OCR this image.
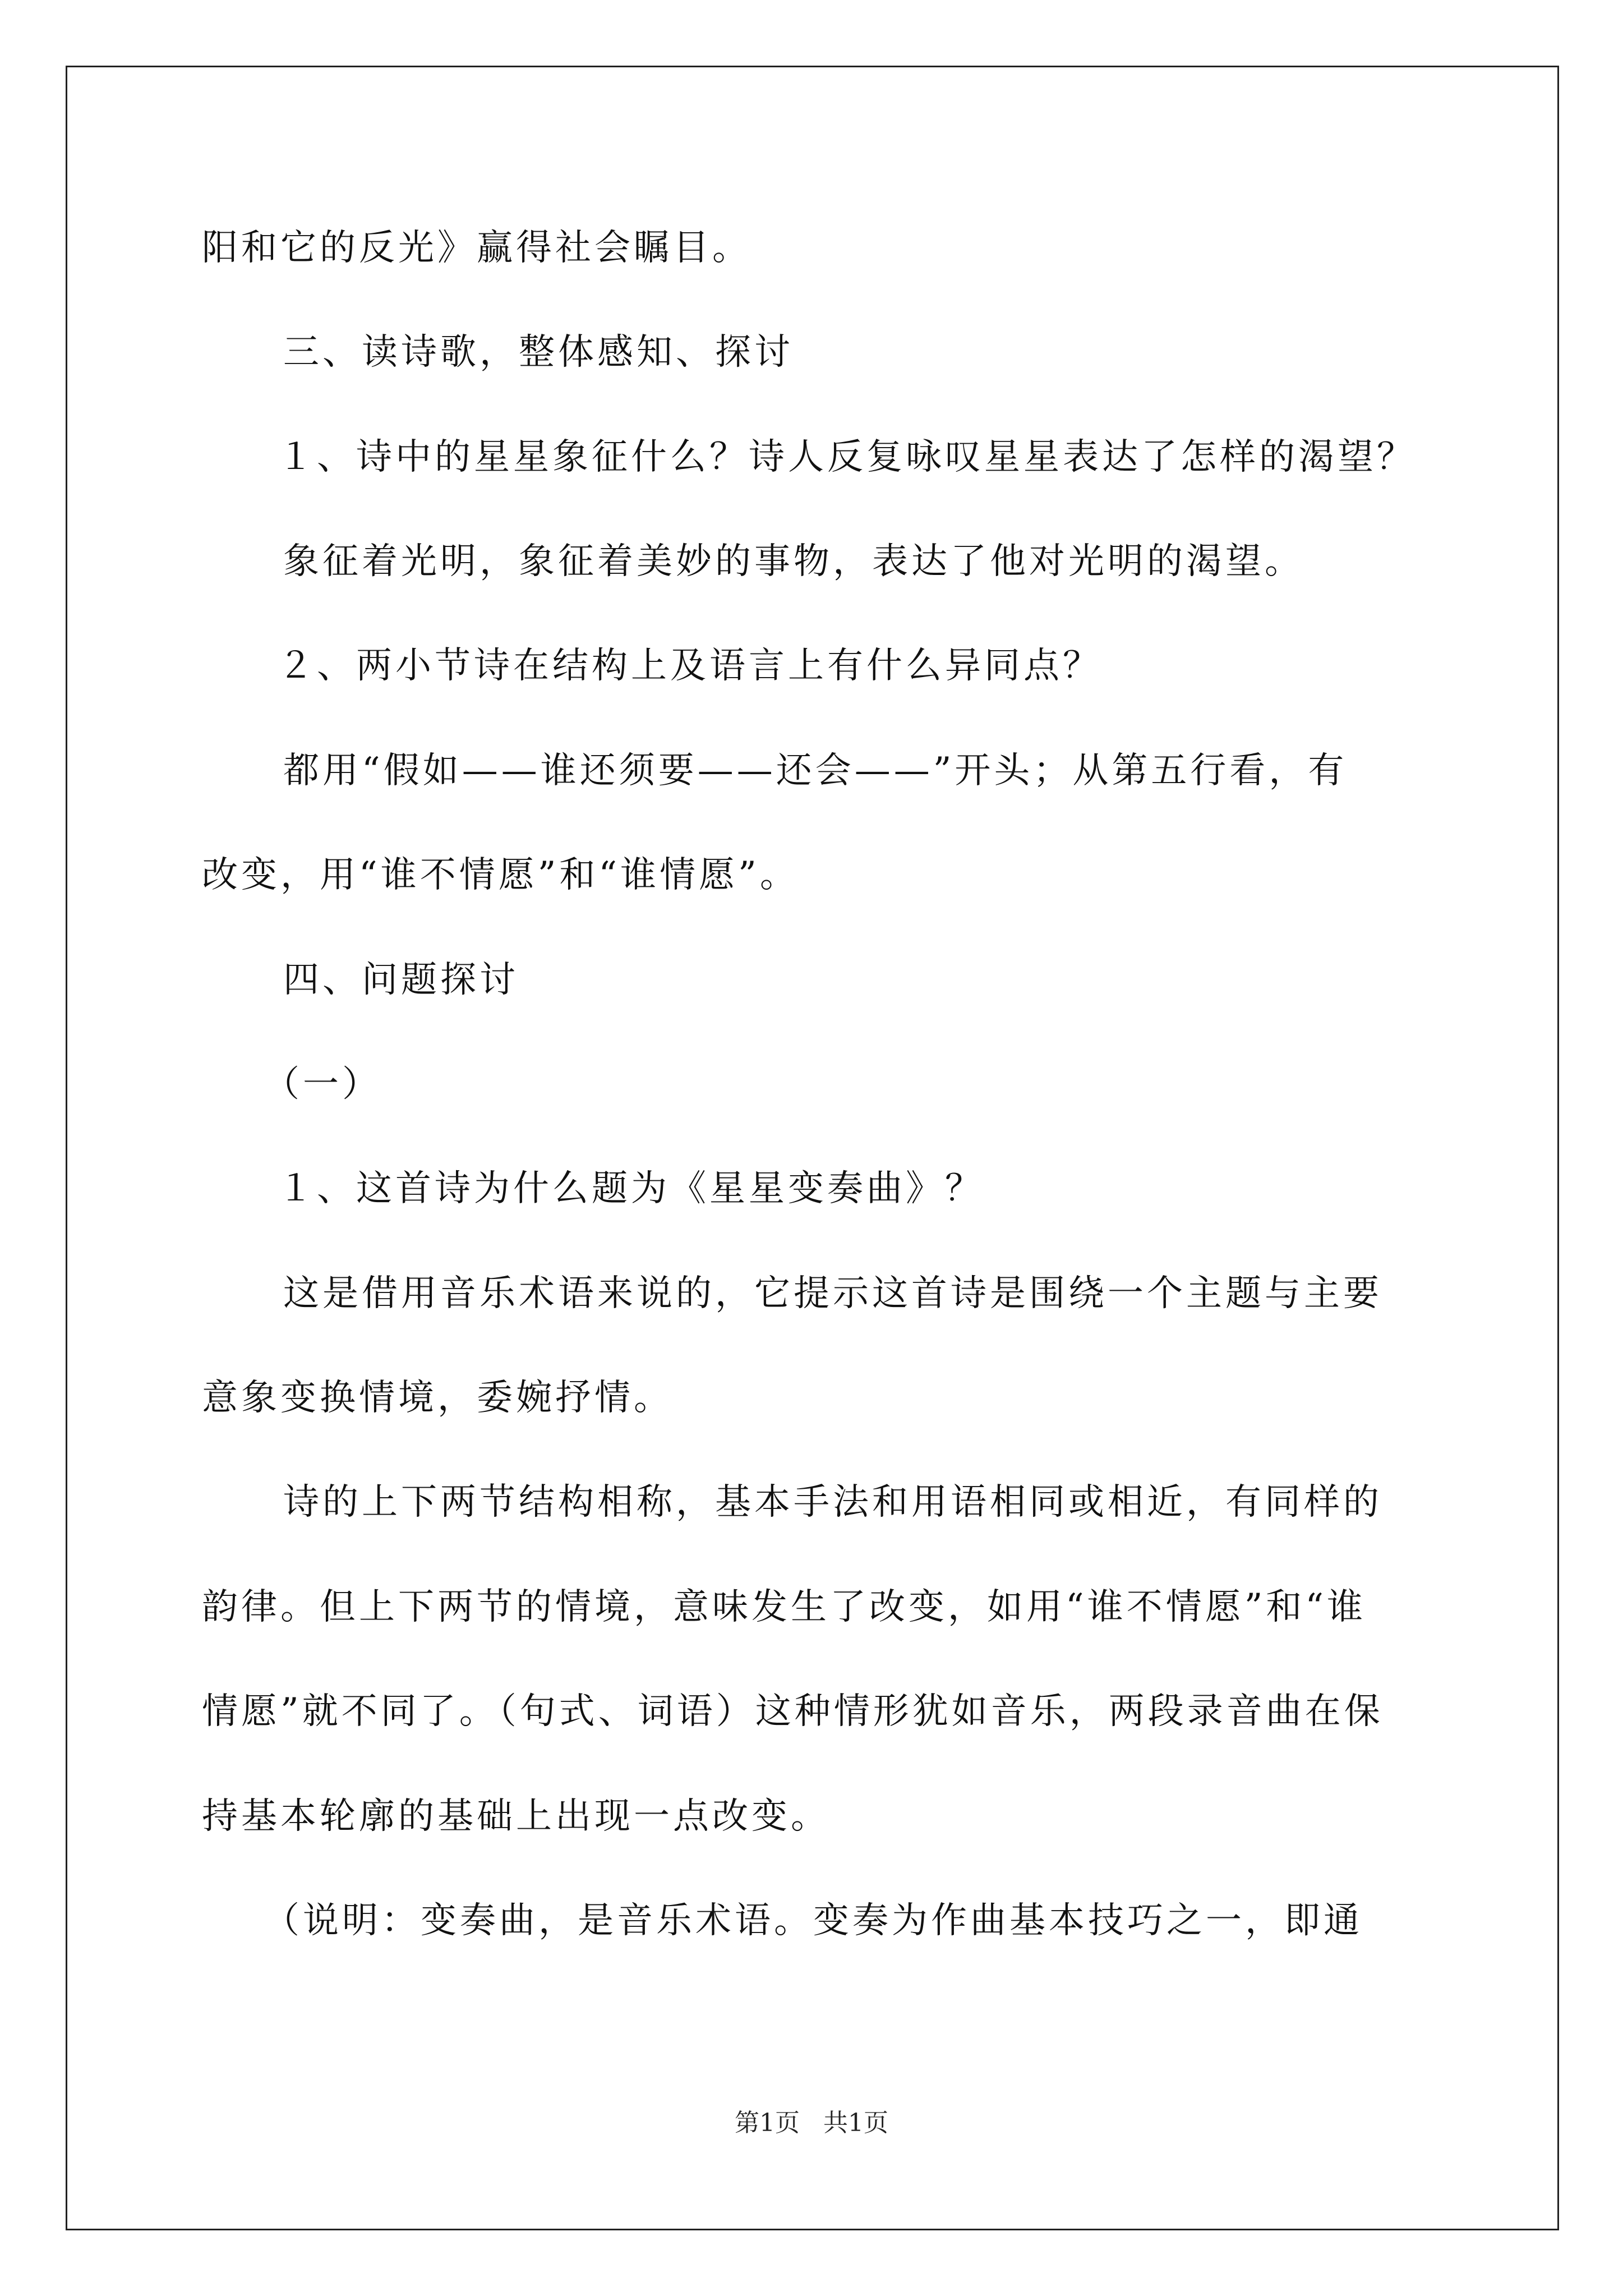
阳和它的反光》赢得社会瞩目。
三、读诗歌，整体感知、探讨
１、诗中的星星象征什么？诗人反复咏叹星星表达了怎样的渴望？
象征着光明，象征着美妙的事物，表达了他对光明的渴望。
２、两小节诗在结构上及语言上有什么异同点？
都用“假如——谁还须要——还会——”开头；从第五行看，有
改变，用“谁不情愿”和“谁情愿”。
四、问题探讨
（一）
１、这首诗为什么题为《星星变奏曲》？
这是借用音乐术语来说的，它提示这首诗是围绕一个主题与主要
意象变换情境，委婉抒情。
诗的上下两节结构相称，基本手法和用语相同或相近，有同样的
韵律。但上下两节的情境，意味发生了改变，如用“谁不情愿”和“谁
情愿”就不同了。（句式、词语）这种情形犹如音乐，两段录音曲在保
持基本轮廓的基础上出现一点改变。
（说明：变奏曲，是音乐术语。变奏为作曲基本技巧之一，即通
第1页 共1页
